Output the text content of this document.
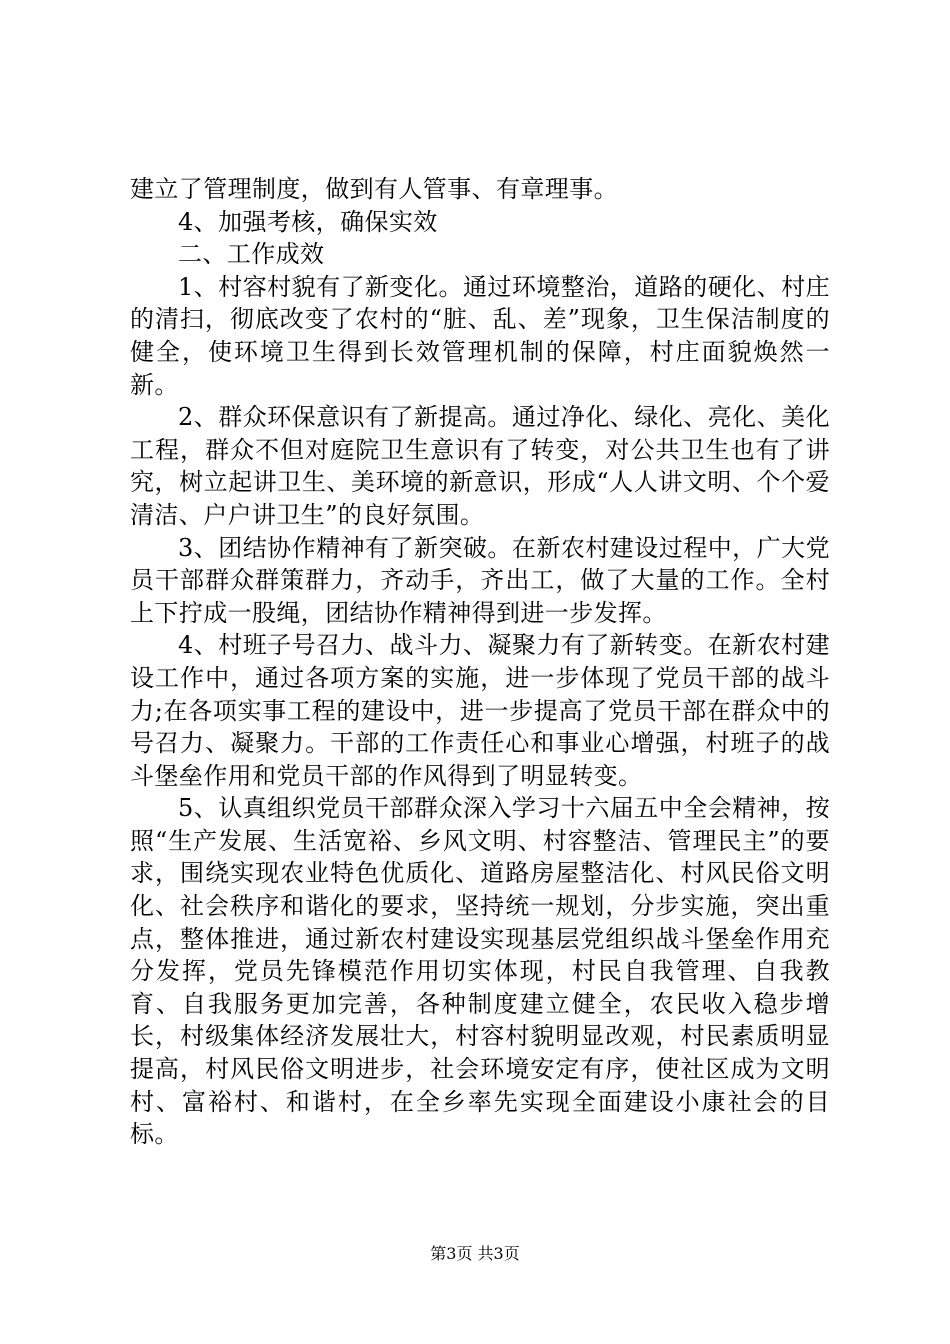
建立了管理制度，做到有人管事、有章理事。

4、加强考核，确保实效

二、工作成效

1、村容村貌有了新变化。通过环境整治，道路的硬化、村庄的清扫，彻底改变了农村的“脏、乱、差”现象，卫生保洁制度的健全，使环境卫生得到长效管理机制的保障，村庄面貌焕然一新。

2、群众环保意识有了新提高。通过净化、绿化、亮化、美化工程，群众不但对庭院卫生意识有了转变，对公共卫生也有了讲究，树立起讲卫生、美环境的新意识，形成“人人讲文明、个个爱清洁、户户讲卫生”的良好氛围。

3、团结协作精神有了新突破。在新农村建设过程中，广大党员干部群众群策群力，齐动手，齐出工，做了大量的工作。全村上下拧成一股绳，团结协作精神得到进一步发挥。

4、村班子号召力、战斗力、凝聚力有了新转变。在新农村建设工作中，通过各项方案的实施，进一步体现了党员干部的战斗力;在各项实事工程的建设中，进一步提高了党员干部在群众中的号召力、凝聚力。干部的工作责任心和事业心增强，村班子的战斗堡垒作用和党员干部的作风得到了明显转变。

5、认真组织党员干部群众深入学习十六届五中全会精神，按照“生产发展、生活宽裕、乡风文明、村容整洁、管理民主”的要求，围绕实现农业特色优质化、道路房屋整洁化、村风民俗文明化、社会秩序和谐化的要求，坚持统一规划，分步实施，突出重点，整体推进，通过新农村建设实现基层党组织战斗堡垒作用充分发挥，党员先锋模范作用切实体现，村民自我管理、自我教育、自我服务更加完善，各种制度建立健全，农民收入稳步增长，村级集体经济发展壮大，村容村貌明显改观，村民素质明显提高，村风民俗文明进步，社会环境安定有序，使社区成为文明村、富裕村、和谐村，在全乡率先实现全面建设小康社会的目标。

第3页 共3页
